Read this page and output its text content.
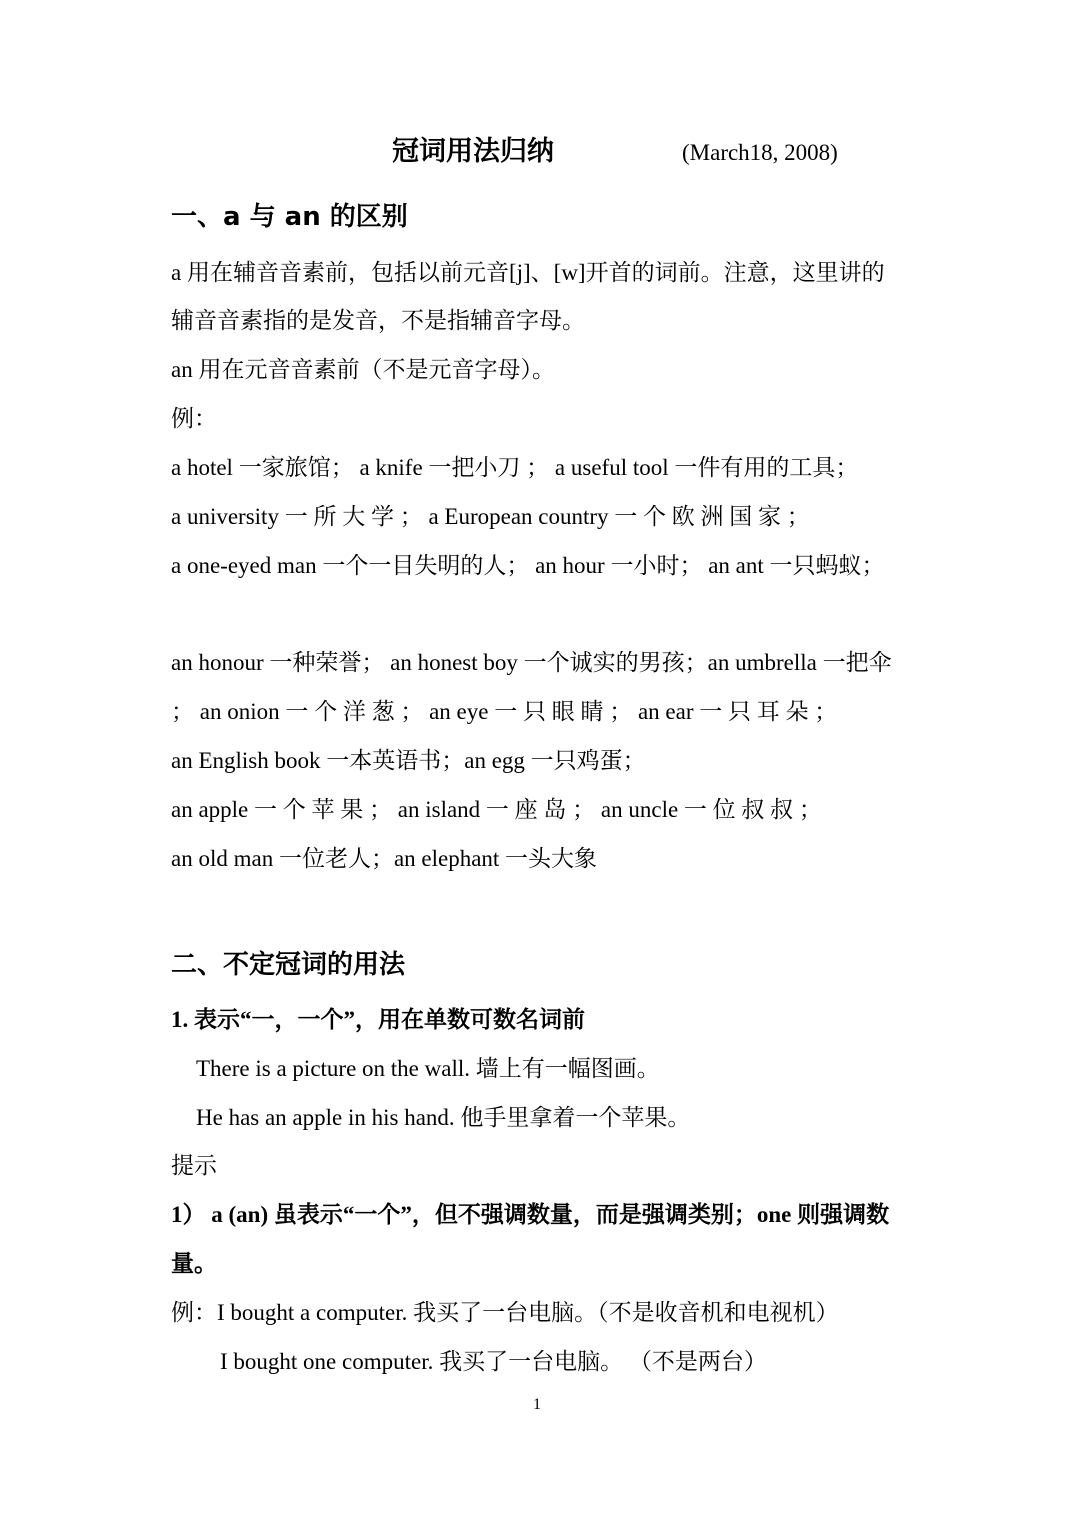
冠词用法归纳	(March18, 2008)
一、a 与 an 的区别
a 用在辅音音素前，包括以前元音[j]、[w]开首的词前。注意，这里讲的
辅音音素指的是发音，不是指辅音字母。
an 用在元音音素前（不是元音字母）。
例：
a hotel 一家旅馆； a knife 一把小刀 ； a useful tool 一件有用的工具；
a university 一 所 大 学 ； a European country 一 个 欧 洲 国 家 ；
a one-eyed man 一个一目失明的人； an hour 一小时； an ant 一只蚂蚁；
an honour 一种荣誉； an honest boy 一个诚实的男孩；an umbrella 一把伞
； an onion 一 个 洋 葱 ； an eye 一 只 眼 睛 ； an ear 一 只 耳 朵 ；
an English book 一本英语书；an egg 一只鸡蛋；
an apple 一 个 苹 果 ； an island 一 座 岛 ； an uncle 一 位 叔 叔 ；
an old man 一位老人；an elephant 一头大象
二、不定冠词的用法
1. 表示“一，一个”，用在单数可数名词前
There is a picture on the wall. 墙上有一幅图画。
He has an apple in his hand. 他手里拿着一个苹果。
提示
1） a (an) 虽表示“一个”，但不强调数量，而是强调类别；one 则强调数
量。
例：I bought a computer. 我买了一台电脑。（不是收音机和电视机）
I bought one computer. 我买了一台电脑。 （不是两台）
1
